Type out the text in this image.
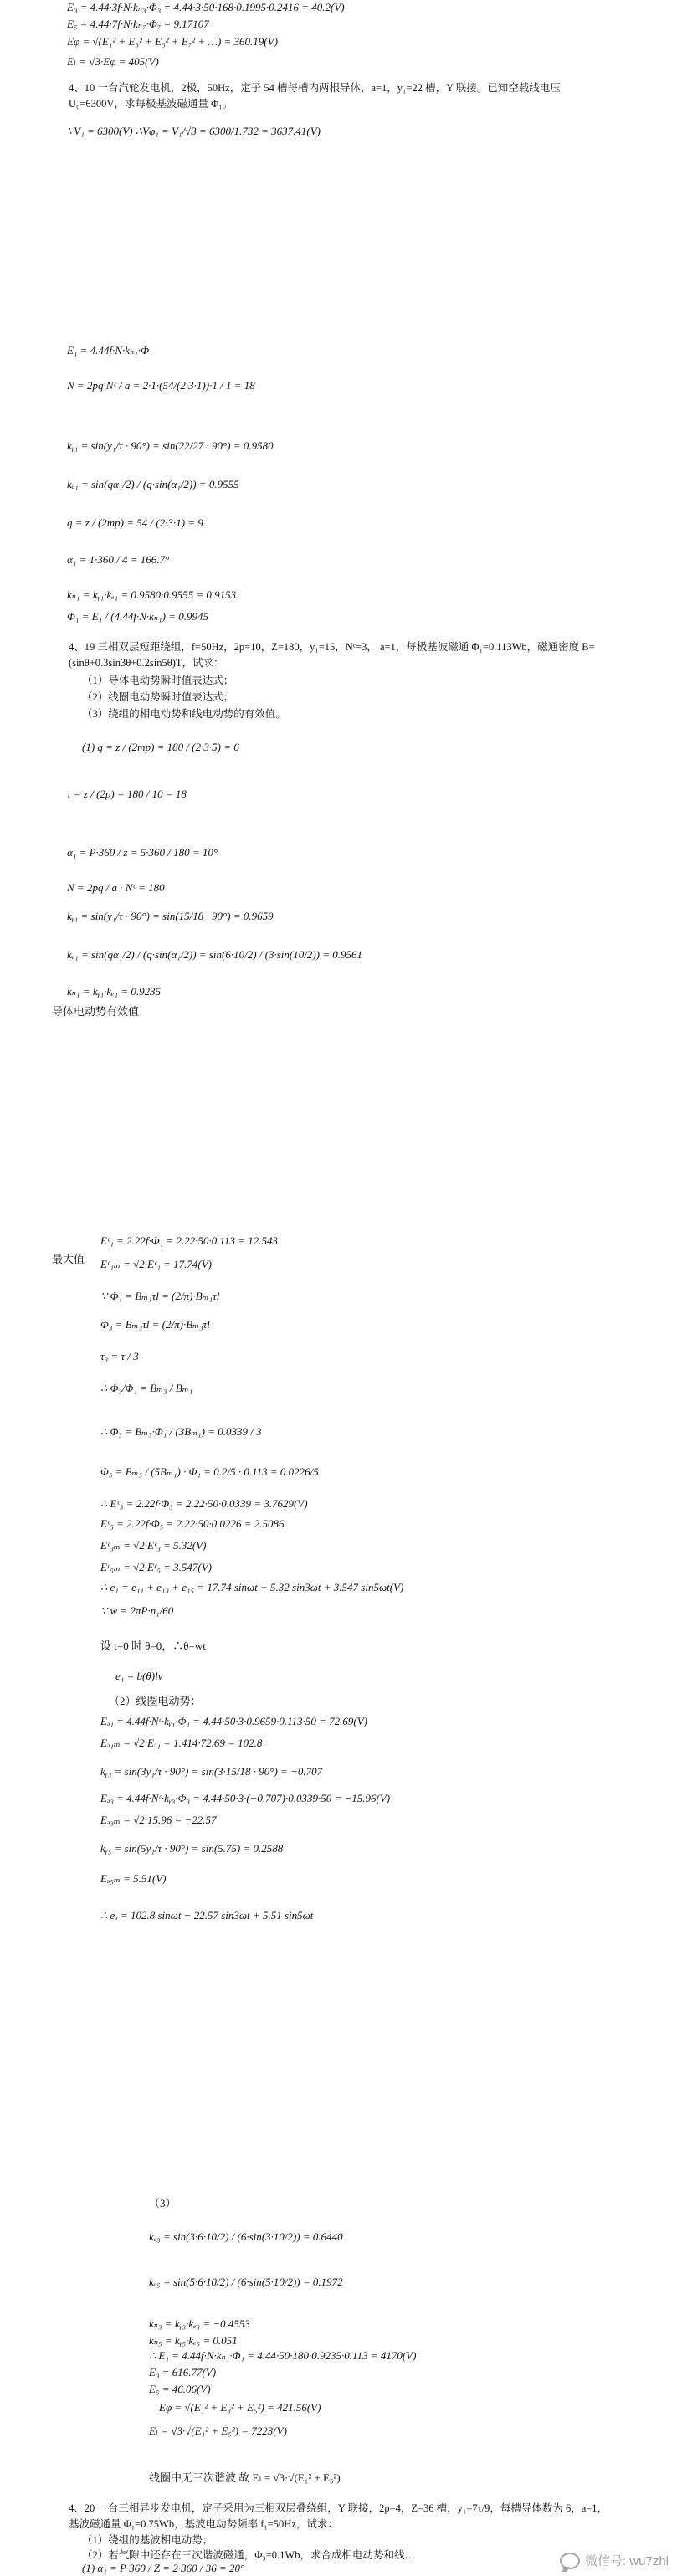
E₃ = 4.44·3f·N·kₙ₃·Φ₃ = 4.44·3·50·168·0.1995·0.2416 = 40.2(V)
E₅ = 4.44·7f·N·kₙ₇·Φ₇ = 9.17107
Eφ = √(E₁² + E₃² + E₅² + E₇² + …) = 360.19(V)
Eₗ = √3·Eφ = 405(V)
4、10 一台汽轮发电机，2极，50Hz，定子 54 槽每槽内两根导体，a=1，y₁=22 槽，Y 联接。已知空载线电压 U₀=6300V，求每极基波磁通量 Φ₁。
∵V₁ = 6300(V) ∴Vφ₁ = V₁/√3 = 6300/1.732 = 3637.41(V)
E₁ = 4.44f·N·kₙ₁·Φ
N = 2pq·Nᶜ / a = 2·1·(54/(2·3·1))·1 / 1 = 18
kᵧ₁ = sin(y₁/τ · 90°) = sin(22/27 · 90°) = 0.9580
kₑ₁ = sin(qα₁/2) / (q·sin(α₁/2)) = 0.9555
q = z / (2mp) = 54 / (2·3·1) = 9
α₁ = 1·360 / 4 = 166.7°
kₙ₁ = kᵧ₁·kₑ₁ = 0.9580·0.9555 = 0.9153
Φ₁ = E₁ / (4.44f·N·kₙ₁) = 0.9945
4、19 三相双层短距绕组，f=50Hz，2p=10，Z=180，y₁=15，Nᶜ=3， a=1，每极基波磁通 Φ₁=0.113Wb，磁通密度 B=(sinθ+0.3sin3θ+0.2sin5θ)T，试求：
（1）导体电动势瞬时值表达式；
（2）线圈电动势瞬时值表达式；
（3）绕组的相电动势和线电动势的有效值。
(1) q = z / (2mp) = 180 / (2·3·5) = 6
τ = z / (2p) = 180 / 10 = 18
α₁ = P·360 / z = 5·360 / 180 = 10°
N = 2pq / a · Nᶜ = 180
kᵧ₁ = sin(y₁/τ · 90°) = sin(15/18 · 90°) = 0.9659
kₑ₁ = sin(qα₁/2) / (q·sin(α₁/2)) = sin(6·10/2) / (3·sin(10/2)) = 0.9561
kₙ₁ = kᵧ₁·kₑ₁ = 0.9235
导体电动势有效值
Eᶜ₁ = 2.22f·Φ₁ = 2.22·50·0.113 = 12.543
最大值 Eᶜ₁ₘ = √2·Eᶜ₁ = 17.74(V)
∵ Φ₁ = Bₘ₁τl = (2/π)·Bₘ₁τl
Φ₃ = Bₘ₃τl = (2/π)·Bₘ₃τl
τ₃ = τ / 3
∴ Φ₃/Φ₁ = Bₘ₃ / Bₘ₁
∴ Φ₃ = Bₘ₃·Φ₁ / (3Bₘ₁) = 0.0339 / 3
Φ₅ = Bₘ₅ / (5Bₘ₁) · Φ₁ = 0.2/5 · 0.113 = 0.0226/5
∴ Eᶜ₃ = 2.22f·Φ₃ = 2.22·50·0.0339 = 3.7629(V)
Eᶜ₅ = 2.22f·Φ₅ = 2.22·50·0.0226 = 2.5086
Eᶜ₃ₘ = √2·Eᶜ₃ = 5.32(V)
Eᶜ₅ₘ = √2·Eᶜ₅ = 3.547(V)
∴ e₁ = e₁₁ + e₁₃ + e₁₅ = 17.74 sinωt + 5.32 sin3ωt + 3.547 sin5ωt(V)
∵ w = 2πP·n₁/60
设 t=0 时 θ=0，∴θ=wt
e₁ = b(θ)lv
（2）线圈电动势：
Eₔ₁ = 4.44f·Nᶜ·kᵧ₁·Φ₁ = 4.44·50·3·0.9659·0.113·50 = 72.69(V)
Eₔ₁ₘ = √2·Eₔ₁ = 1.414·72.69 = 102.8
kᵧ₃ = sin(3y₁/τ · 90°) = sin(3·15/18 · 90°) = −0.707
Eₔ₃ = 4.44f·Nᶜ·kᵧ₃·Φ₃ = 4.44·50·3·(−0.707)·0.0339·50 = −15.96(V)
Eₔ₃ₘ = √2·15.96 = −22.57
kᵧ₅ = sin(5y₁/τ · 90°) = sin(5.75) = 0.2588
Eₔ₅ₘ = 5.51(V)
∴ eₔ = 102.8 sinωt − 22.57 sin3ωt + 5.51 sin5ωt
（3）
kₑ₃ = sin(3·6·10/2) / (6·sin(3·10/2)) = 0.6440
kₑ₅ = sin(5·6·10/2) / (6·sin(5·10/2)) = 0.1972
kₙ₃ = kᵧ₃·kₑ₃ = −0.4553
kₙ₅ = kᵧ₅·kₑ₅ = 0.051
∴ E₁ = 4.44f·N·kₙ₁·Φ₁ = 4.44·50·180·0.9235·0.113 = 4170(V)
E₃ = 616.77(V)
E₅ = 46.06(V)
Eφ = √(E₁² + E₃² + E₅²) = 421.56(V)
Eₗ = √3·√(E₁² + E₅²) = 7223(V)
线圈中无三次谐波 故 Eₗ = √3·√(E₁² + E₅²)
4、20 一台三相异步发电机，定子采用为三相双层叠绕组，Y 联接，2p=4，Z=36 槽，y₁=7τ/9，每槽导体数为 6，a=1，基波磁通量 Φ₁=0.75Wb，基波电动势频率 f₁=50Hz，试求：
（1）绕组的基波相电动势；
（2）若气隙中还存在三次谐波磁通，Φ₃=0.1Wb，求合成相电动势和线…
(1) α₁ = P·360 / Z = 2·360 / 36 = 20°	微信号: wu7zhl
